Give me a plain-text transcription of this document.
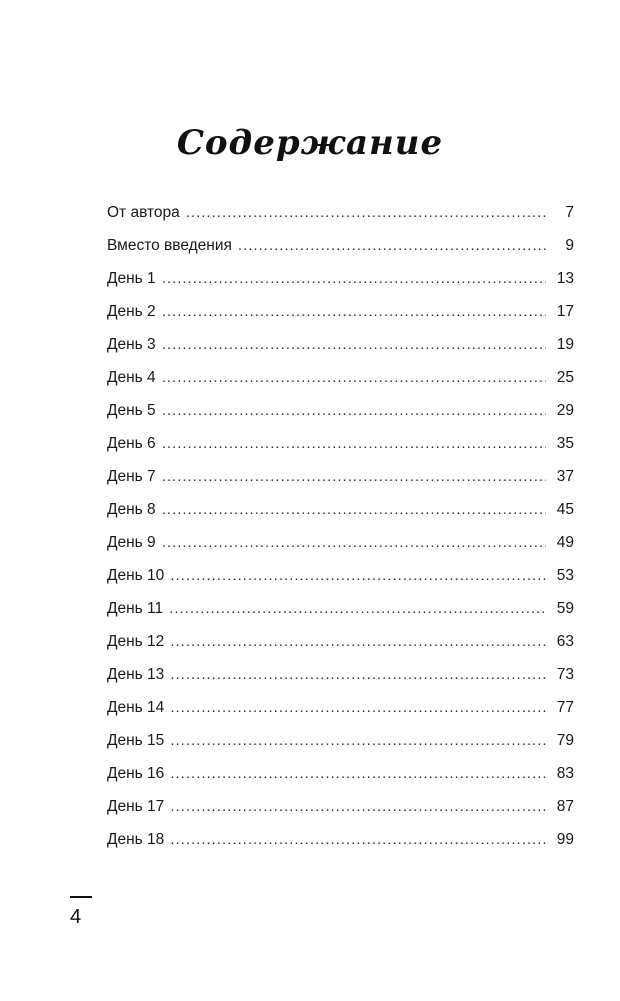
Содержание
От автора .....	7
Вместо введения .....	9
День 1 .....	13
День 2 .....	17
День 3 .....	19
День 4 .....	25
День 5 .....	29
День 6 .....	35
День 7 .....	37
День 8 .....	45
День 9 .....	49
День 10 .....	53
День 11 .....	59
День 12 .....	63
День 13 .....	73
День 14 .....	77
День 15 .....	79
День 16 .....	83
День 17 .....	87
День 18 .....	99
4
